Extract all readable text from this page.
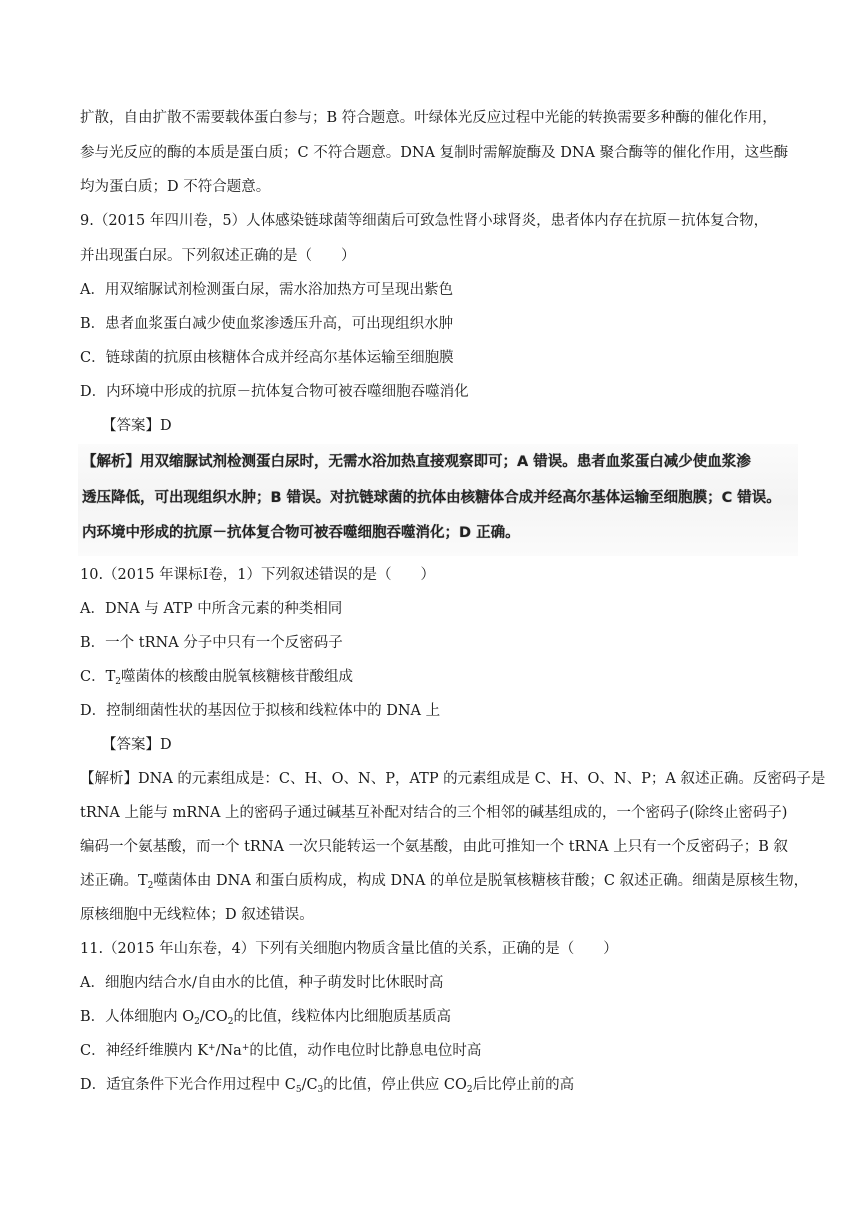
扩散，自由扩散不需要载体蛋白参与；B 符合题意。叶绿体光反应过程中光能的转换需要多种酶的催化作用，
参与光反应的酶的本质是蛋白质；C 不符合题意。DNA 复制时需解旋酶及 DNA 聚合酶等的催化作用，这些酶
均为蛋白质；D 不符合题意。
9.（2015 年四川卷，5）人体感染链球菌等细菌后可致急性肾小球肾炎，患者体内存在抗原－抗体复合物，
并出现蛋白尿。下列叙述正确的是（　　）
A．用双缩脲试剂检测蛋白尿，需水浴加热方可呈现出紫色
B．患者血浆蛋白减少使血浆渗透压升高，可出现组织水肿
C．链球菌的抗原由核糖体合成并经高尔基体运输至细胞膜
D．内环境中形成的抗原－抗体复合物可被吞噬细胞吞噬消化
【答案】D
【解析】用双缩脲试剂检测蛋白尿时，无需水浴加热直接观察即可；A 错误。患者血浆蛋白减少使血浆渗
透压降低，可出现组织水肿；B 错误。对抗链球菌的抗体由核糖体合成并经高尔基体运输至细胞膜；C 错误。
内环境中形成的抗原－抗体复合物可被吞噬细胞吞噬消化；D 正确。
10.（2015 年课标Ⅰ卷，1）下列叙述错误的是（　　）
A．DNA 与 ATP 中所含元素的种类相同
B．一个 tRNA 分子中只有一个反密码子
C．$T_2$噬菌体的核酸由脱氧核糖核苷酸组成
D．控制细菌性状的基因位于拟核和线粒体中的 DNA 上
【答案】D
【解析】DNA 的元素组成是：C、H、O、N、P，ATP 的元素组成是 C、H、O、N、P；A 叙述正确。反密码子是
tRNA 上能与 mRNA 上的密码子通过碱基互补配对结合的三个相邻的碱基组成的，一个密码子(除终止密码子)
编码一个氨基酸，而一个 tRNA 一次只能转运一个氨基酸，由此可推知一个 tRNA 上只有一个反密码子；B 叙
述正确。$T_2$噬菌体由 DNA 和蛋白质构成，构成 DNA 的单位是脱氧核糖核苷酸；C 叙述正确。细菌是原核生物，
原核细胞中无线粒体；D 叙述错误。
11.（2015 年山东卷，4）下列有关细胞内物质含量比值的关系，正确的是（　　）
A．细胞内结合水/自由水的比值，种子萌发时比休眠时高
B．人体细胞内 $O_2/CO_2$的比值，线粒体内比细胞质基质高
C．神经纤维膜内 K+/Na+的比值，动作电位时比静息电位时高
D．适宜条件下光合作用过程中 $C_5/C_3$的比值，停止供应 $CO_2$后比停止前的高
